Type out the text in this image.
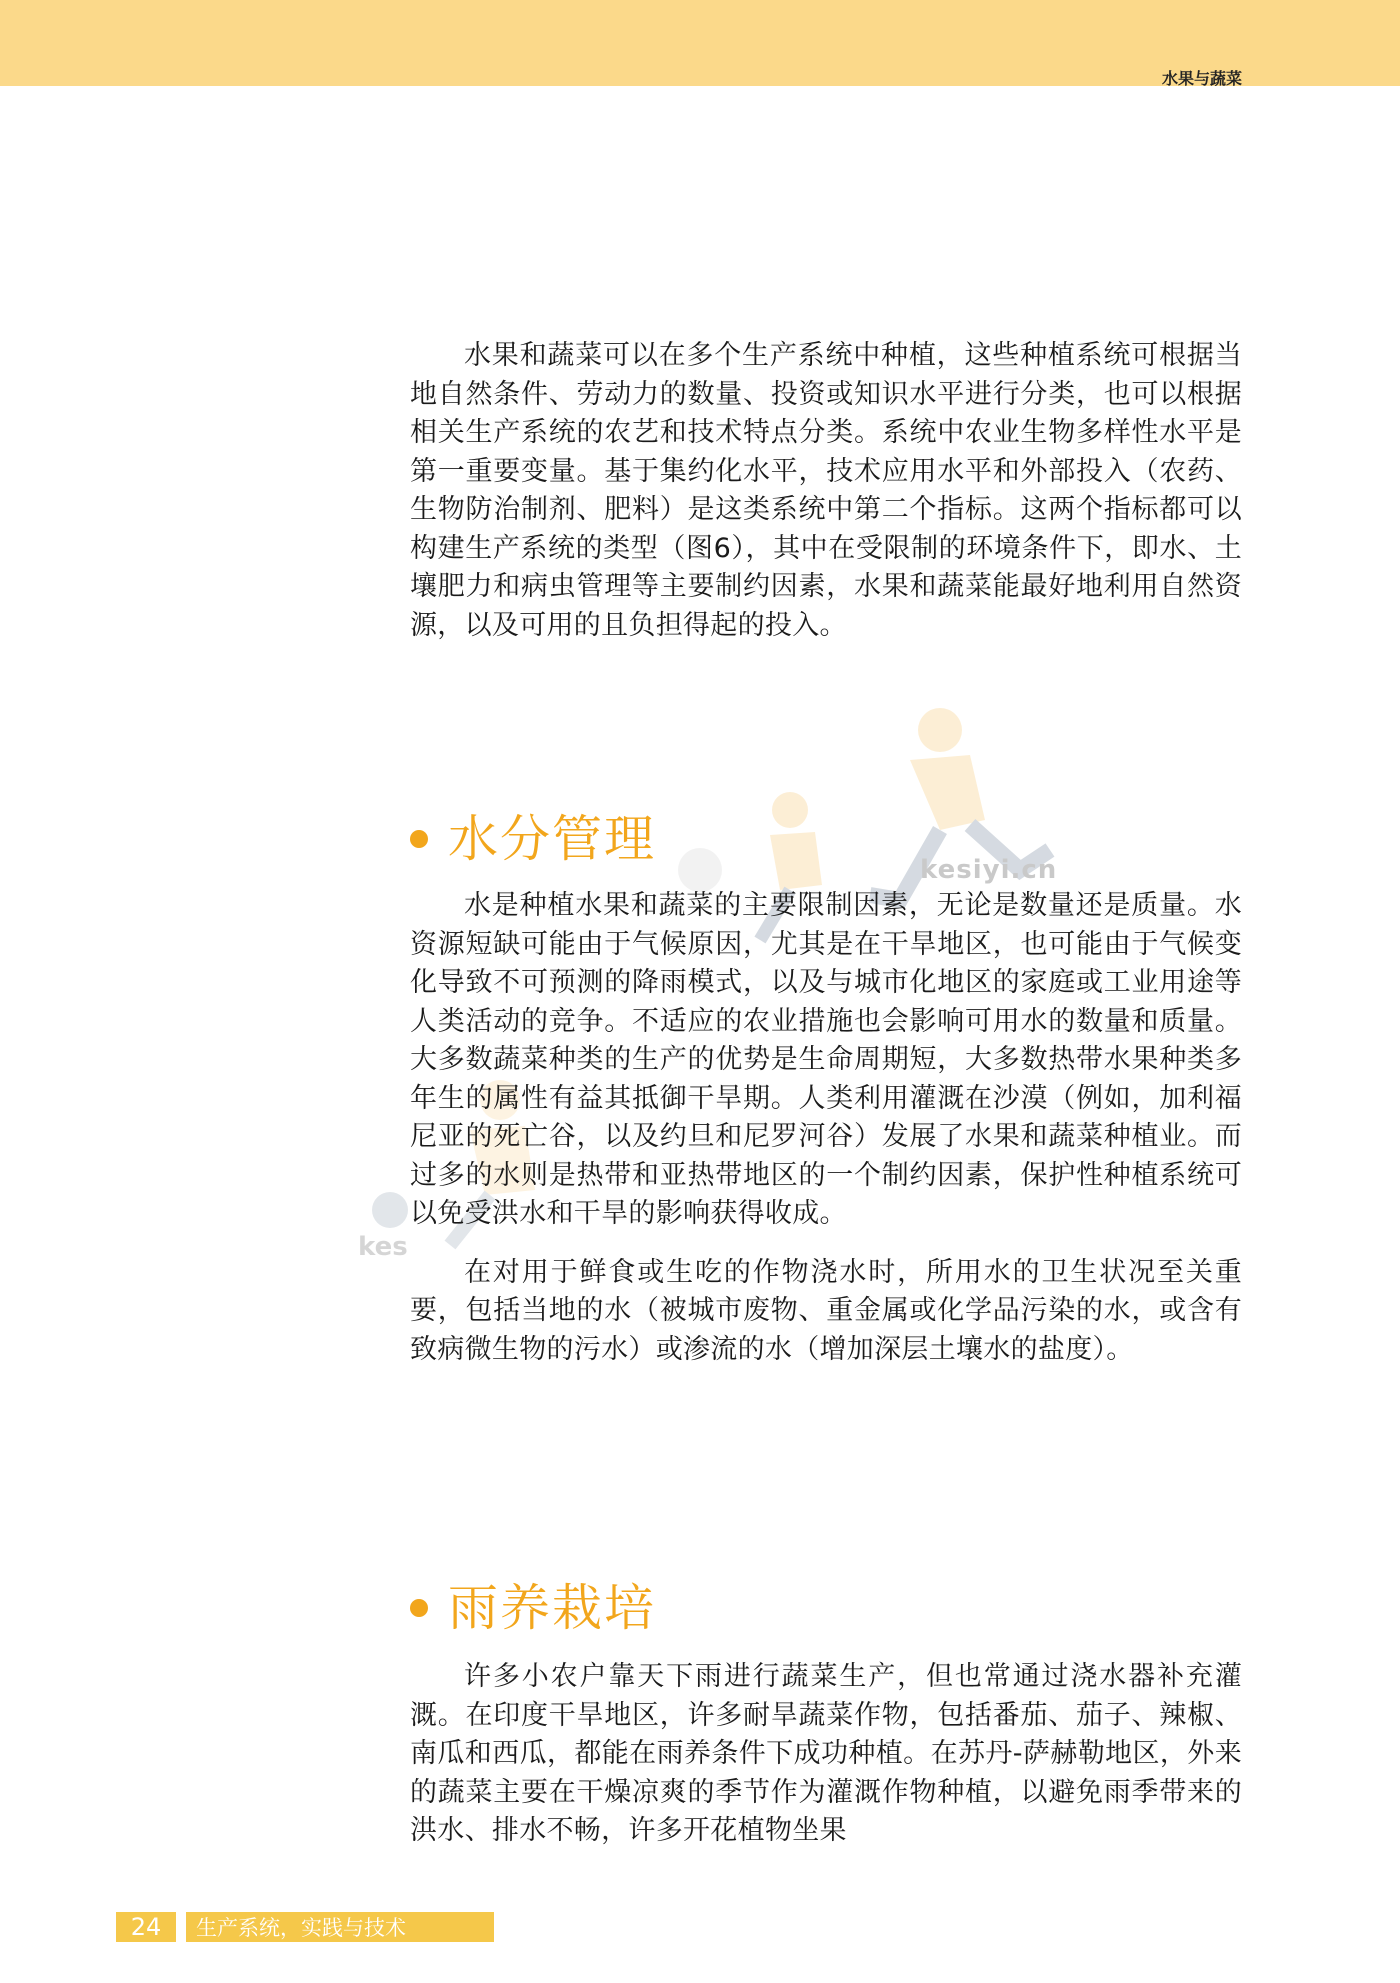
水果与蔬菜
kesiyi.cn
kes

水果和蔬菜可以在多个生产系统中种植，这些种植系统可根据当地自然条件、劳动力的数量、投资或知识水平进行分类，也可以根据相关生产系统的农艺和技术特点分类。系统中农业生物多样性水平是第一重要变量。基于集约化水平，技术应用水平和外部投入（农药、生物防治制剂、肥料）是这类系统中第二个指标。这两个指标都可以构建生产系统的类型（图6），其中在受限制的环境条件下，即水、土壤肥力和病虫管理等主要制约因素，水果和蔬菜能最好地利用自然资源，以及可用的且负担得起的投入。

水分管理

水是种植水果和蔬菜的主要限制因素，无论是数量还是质量。水资源短缺可能由于气候原因，尤其是在干旱地区，也可能由于气候变化导致不可预测的降雨模式，以及与城市化地区的家庭或工业用途等人类活动的竞争。不适应的农业措施也会影响可用水的数量和质量。大多数蔬菜种类的生产的优势是生命周期短，大多数热带水果种类多年生的属性有益其抵御干旱期。人类利用灌溉在沙漠（例如，加利福尼亚的死亡谷，以及约旦和尼罗河谷）发展了水果和蔬菜种植业。而过多的水则是热带和亚热带地区的一个制约因素，保护性种植系统可以免受洪水和干旱的影响获得收成。

在对用于鲜食或生吃的作物浇水时，所用水的卫生状况至关重要，包括当地的水（被城市废物、重金属或化学品污染的水，或含有致病微生物的污水）或渗流的水（增加深层土壤水的盐度）。

雨养栽培

许多小农户靠天下雨进行蔬菜生产，但也常通过浇水器补充灌溉。在印度干旱地区，许多耐旱蔬菜作物，包括番茄、茄子、辣椒、南瓜和西瓜，都能在雨养条件下成功种植。在苏丹-萨赫勒地区，外来的蔬菜主要在干燥凉爽的季节作为灌溉作物种植，以避免雨季带来的洪水、排水不畅，许多开花植物坐果

24	生产系统，实践与技术
